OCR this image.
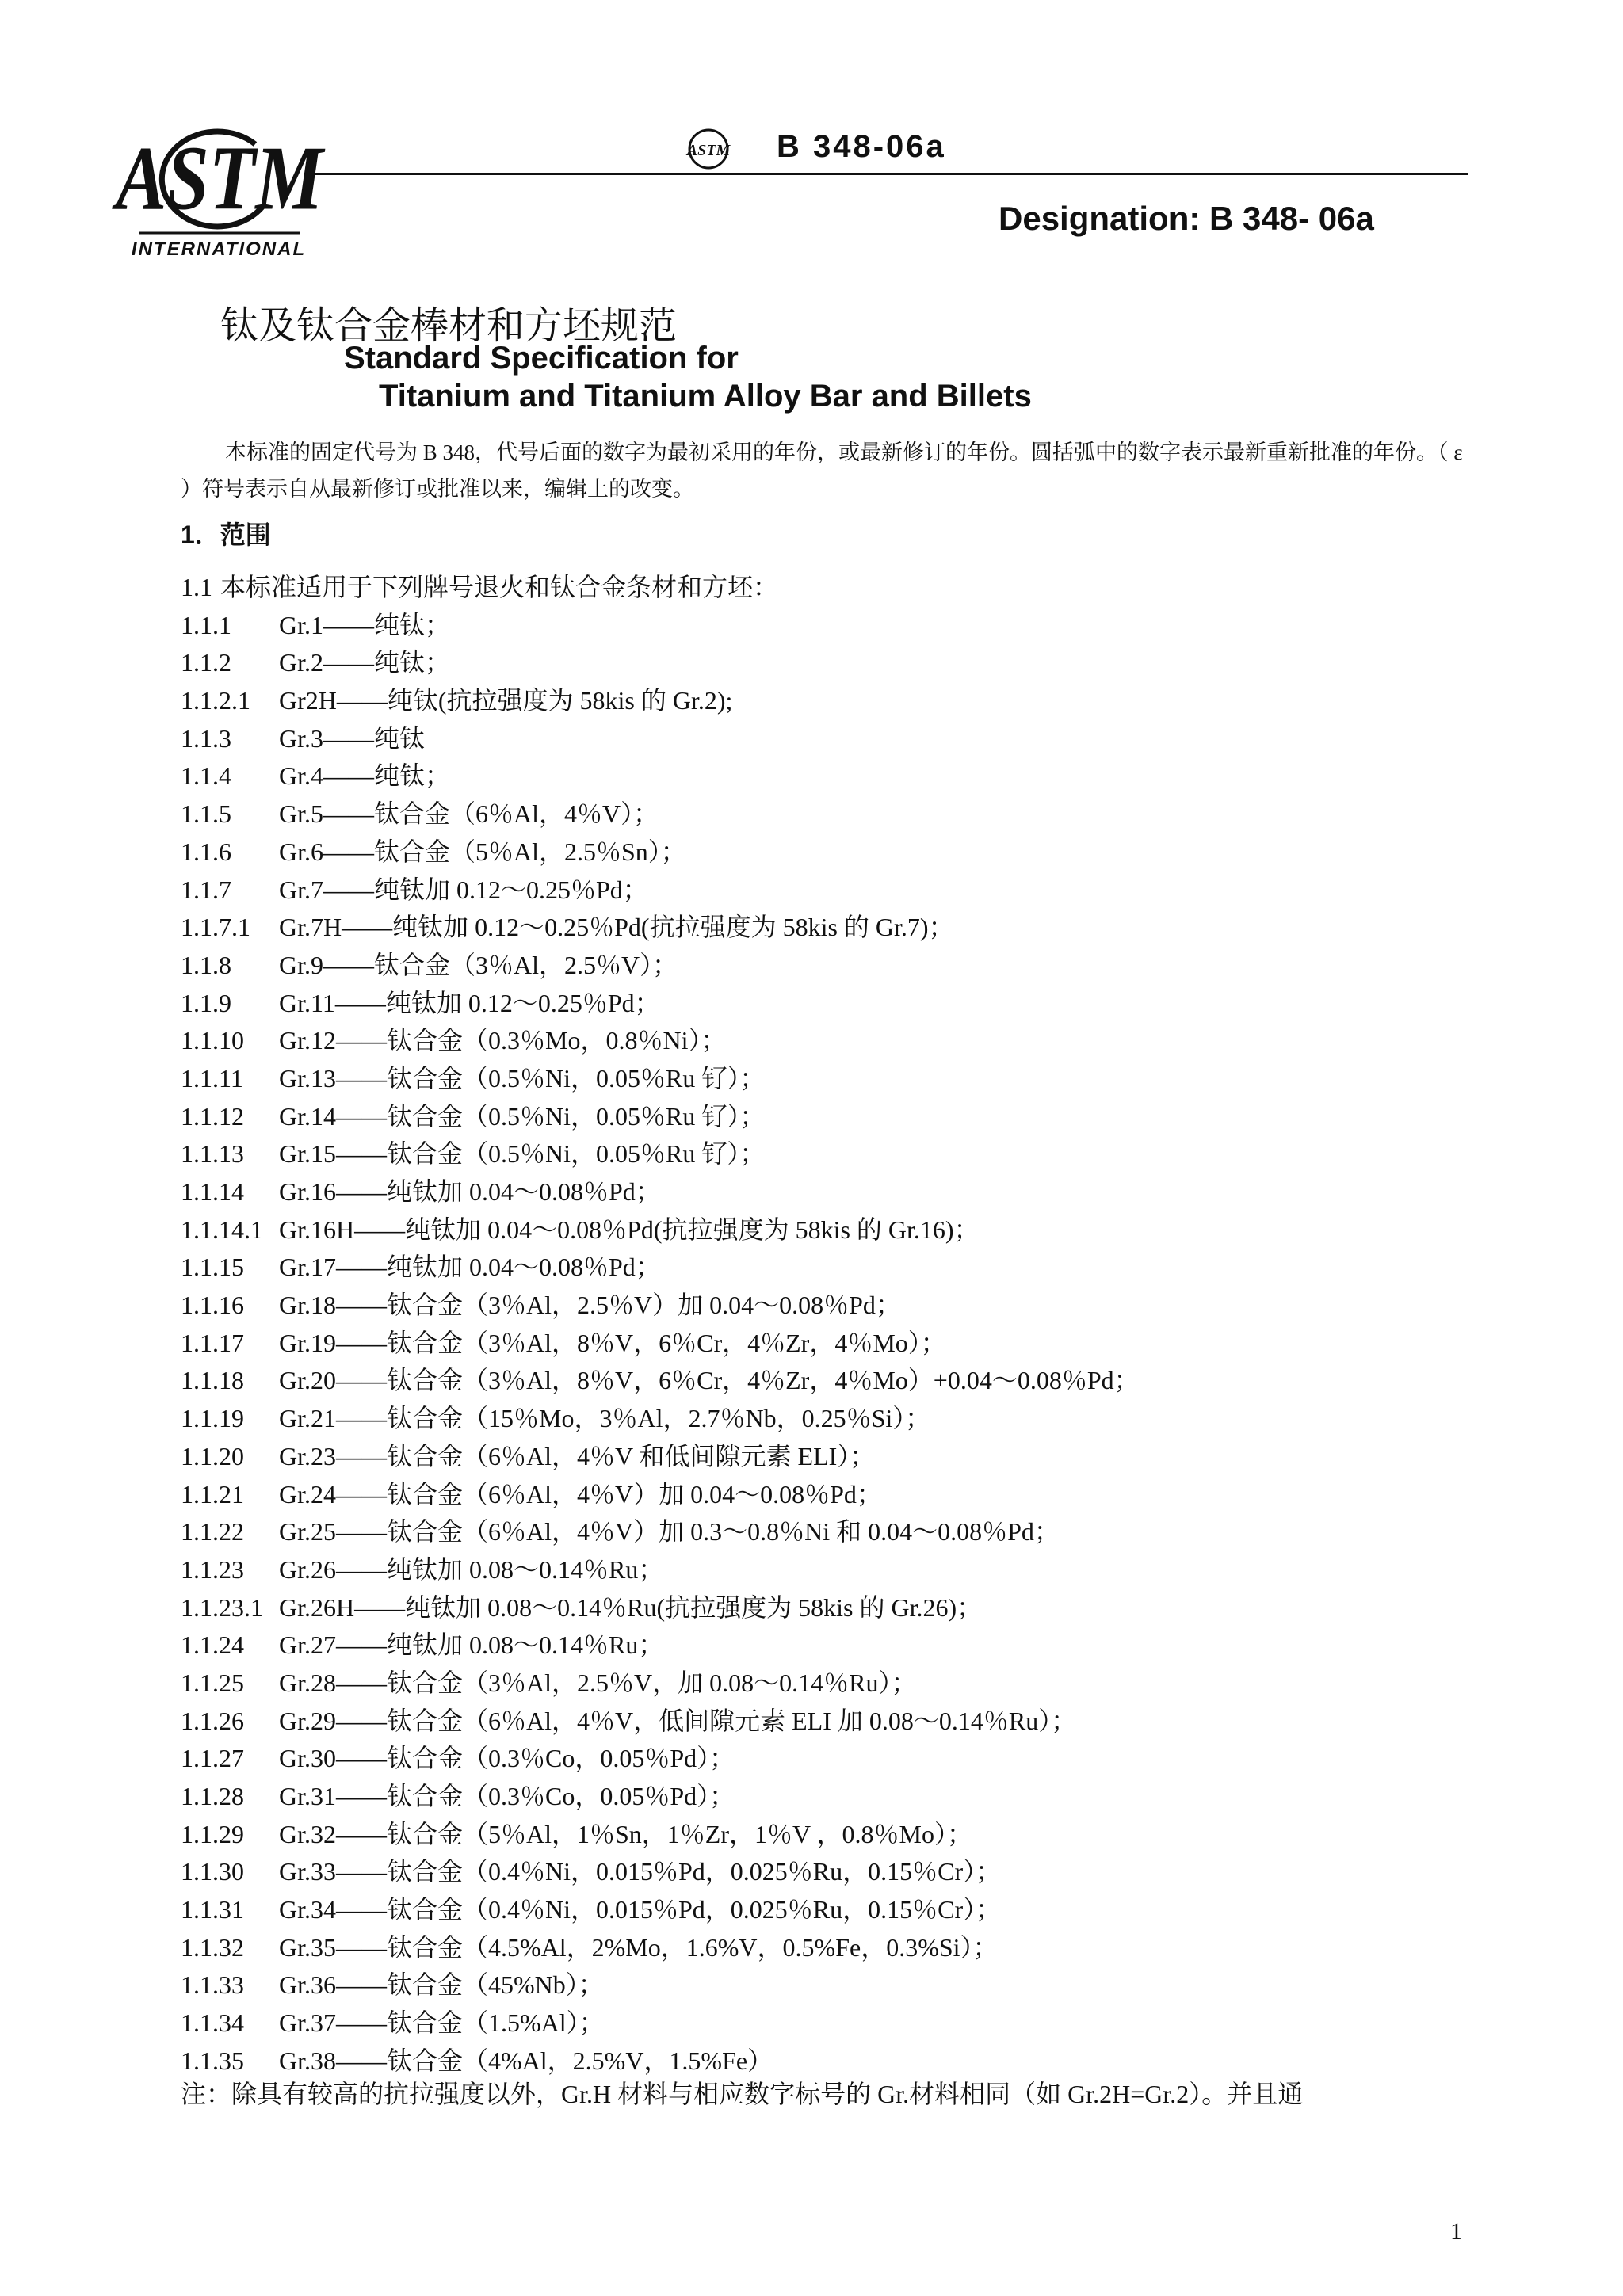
ASTM
INTERNATIONAL
ASTM B 348-06a
Designation: B 348- 06a
钛及钛合金棒材和方坯规范
Standard Specification for
Titanium and Titanium Alloy Bar and Billets
本标准的固定代号为 B 348，代号后面的数字为最初采用的年份，或最新修订的年份。圆括弧中的数字表示最新重新批准的年份。（ ε ）符号表示自从最新修订或批准以来，编辑上的改变。
1．范围
1.1 本标准适用于下列牌号退火和钛合金条材和方坯：
1.1.1 Gr.1——纯钛；
1.1.2 Gr.2——纯钛；
1.1.2.1 Gr2H——纯钛(抗拉强度为 58kis 的 Gr.2);
1.1.3 Gr.3——纯钛
1.1.4 Gr.4——纯钛；
1.1.5 Gr.5——钛合金（6％Al，4％V）；
1.1.6 Gr.6——钛合金（5％Al，2.5％Sn）；
1.1.7 Gr.7——纯钛加 0.12～0.25％Pd；
1.1.7.1 Gr.7H——纯钛加 0.12～0.25％Pd(抗拉强度为 58kis 的 Gr.7)；
1.1.8 Gr.9——钛合金（3％Al，2.5％V）；
1.1.9 Gr.11——纯钛加 0.12～0.25％Pd；
1.1.10 Gr.12——钛合金（0.3％Mo，0.8％Ni）；
1.1.11 Gr.13——钛合金（0.5％Ni，0.05％Ru 钌）；
1.1.12 Gr.14——钛合金（0.5％Ni，0.05％Ru 钌）；
1.1.13 Gr.15——钛合金（0.5％Ni，0.05％Ru 钌）；
1.1.14 Gr.16——纯钛加 0.04～0.08％Pd；
1.1.14.1 Gr.16H——纯钛加 0.04～0.08％Pd(抗拉强度为 58kis 的 Gr.16)；
1.1.15 Gr.17——纯钛加 0.04～0.08％Pd；
1.1.16 Gr.18——钛合金（3％Al，2.5％V）加 0.04～0.08％Pd；
1.1.17 Gr.19——钛合金（3％Al，8％V，6％Cr，4％Zr，4％Mo）；
1.1.18 Gr.20——钛合金（3％Al，8％V，6％Cr，4％Zr，4％Mo）+0.04～0.08％Pd；
1.1.19 Gr.21——钛合金（15％Mo，3％Al，2.7％Nb，0.25％Si）；
1.1.20 Gr.23——钛合金（6％Al，4％V 和低间隙元素 ELI）；
1.1.21 Gr.24——钛合金（6％Al，4％V）加 0.04～0.08％Pd；
1.1.22 Gr.25——钛合金（6％Al，4％V）加 0.3～0.8％Ni 和 0.04～0.08％Pd；
1.1.23 Gr.26——纯钛加 0.08～0.14％Ru；
1.1.23.1 Gr.26H——纯钛加 0.08～0.14％Ru(抗拉强度为 58kis 的 Gr.26)；
1.1.24 Gr.27——纯钛加 0.08～0.14％Ru；
1.1.25 Gr.28——钛合金（3％Al，2.5％V，加 0.08～0.14％Ru）；
1.1.26 Gr.29——钛合金（6％Al，4％V，低间隙元素 ELI 加 0.08～0.14％Ru）；
1.1.27 Gr.30——钛合金（0.3％Co，0.05％Pd）；
1.1.28 Gr.31——钛合金（0.3％Co，0.05％Pd）；
1.1.29 Gr.32——钛合金（5％Al，1％Sn，1％Zr，1％V ，0.8％Mo）；
1.1.30 Gr.33——钛合金（0.4％Ni，0.015％Pd，0.025％Ru，0.15％Cr）；
1.1.31 Gr.34——钛合金（0.4％Ni，0.015％Pd，0.025％Ru，0.15％Cr）；
1.1.32 Gr.35——钛合金（4.5%Al，2%Mo，1.6%V，0.5%Fe，0.3%Si）；
1.1.33 Gr.36——钛合金（45%Nb）；
1.1.34 Gr.37——钛合金（1.5%Al）；
1.1.35 Gr.38——钛合金（4%Al，2.5%V，1.5%Fe）
注：除具有较高的抗拉强度以外，Gr.H 材料与相应数字标号的 Gr.材料相同（如 Gr.2H=Gr.2）。并且通
1
